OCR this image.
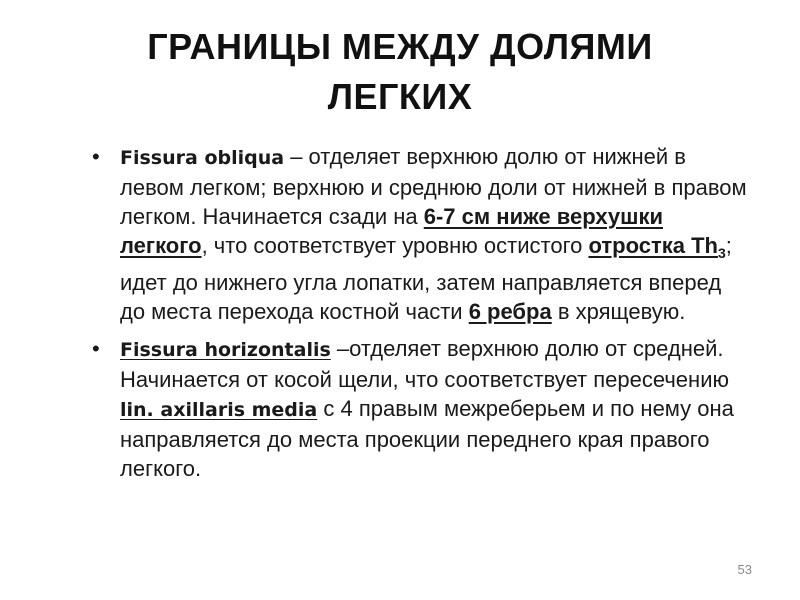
ГРАНИЦЫ МЕЖДУ ДОЛЯМИ
ЛЕГКИХ
•	Fissura obliqua – отделяет верхнюю долю от нижней в левом легком; верхнюю и среднюю доли от нижней в правом легком. Начинается сзади на 6-7 см ниже верхушки легкого, что соответствует уровню остистого отростка $Th_3$; идет до нижнего угла лопатки, затем направляется вперед до места перехода костной части 6 ребра в хрящевую.
•	Fissura horizontalis –отделяет верхнюю долю от средней. Начинается от косой щели, что соответствует пересечению lin. axillaris media с 4 правым межреберьем и по нему она направляется до места проекции переднего края правого легкого.
53
